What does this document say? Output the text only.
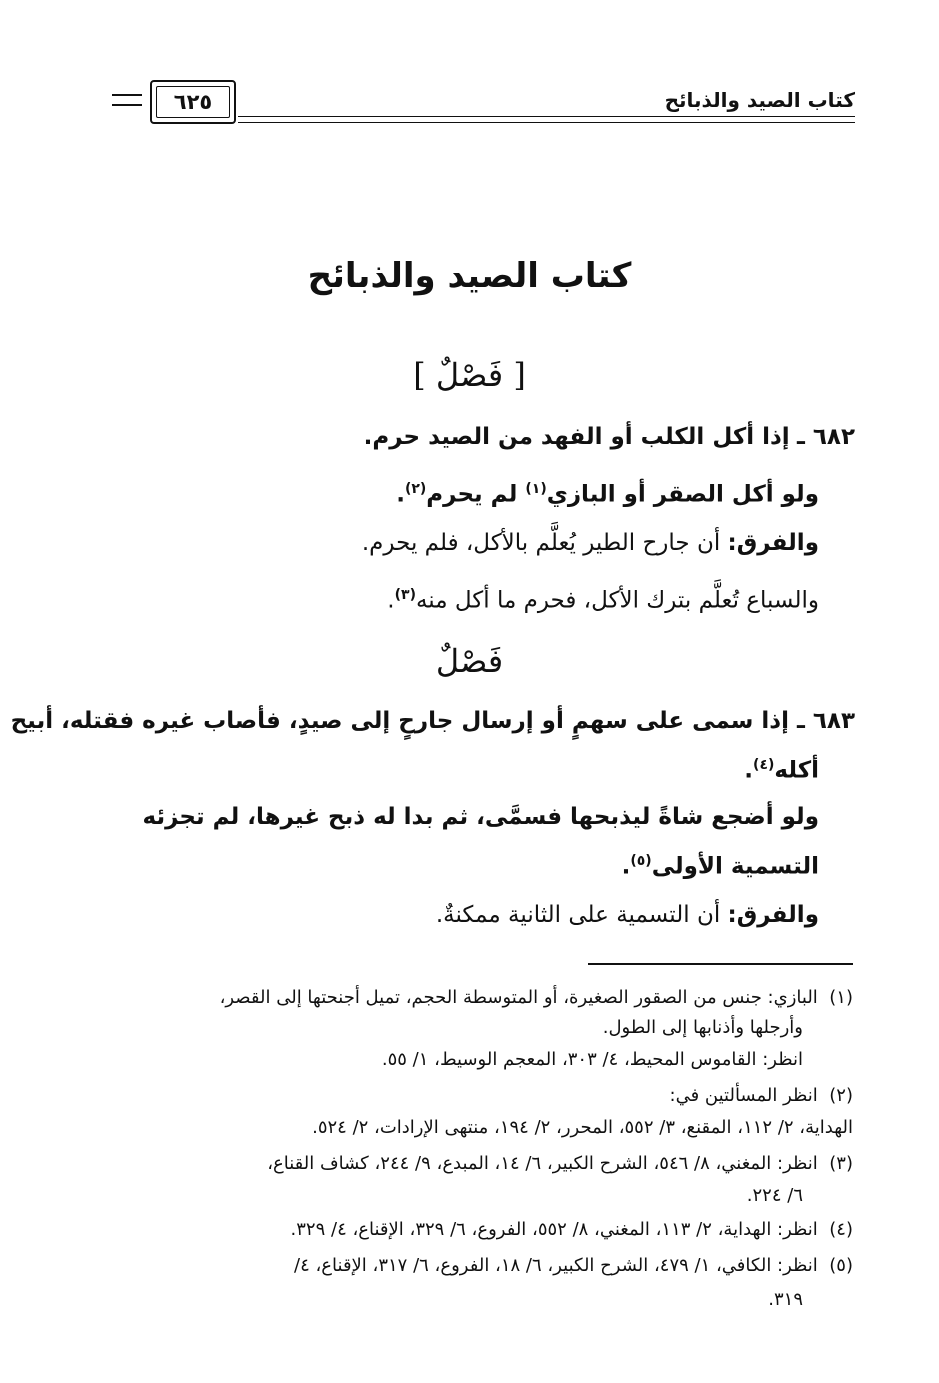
كتاب الصيد والذبائح
٦٢٥
كتاب الصيد والذبائح
[ فَصْلٌ ]
٦٨٢ ـ إذا أكل الكلب أو الفهد من الصيد حرم.
ولو أكل الصقر أو البازي$^{(١)}$ لم يحرم$^{(٢)}$.
والفرق: أن جارح الطير يُعلَّم بالأكل، فلم يحرم.
والسباع تُعلَّم بترك الأكل، فحرم ما أكل منه$^{(٣)}$.
فَصْلٌ
٦٨٣ ـ إذا سمى على سهمٍ أو إرسال جارحٍ إلى صيدٍ، فأصاب غيره فقتله، أبيح
أكله$^{(٤)}$.
ولو أضجع شاةً ليذبحها فسمَّى، ثم بدا له ذبح غيرها، لم تجزئه
التسمية الأولى$^{(٥)}$.
والفرق: أن التسمية على الثانية ممكنةٌ.
(١)  البازي: جنس من الصقور الصغيرة، أو المتوسطة الحجم، تميل أجنحتها إلى القصر،
وأرجلها وأذنابها إلى الطول.
انظر: القاموس المحيط، ٤/ ٣٠٣، المعجم الوسيط، ١/ ٥٥.
(٢)  انظر المسألتين في:
الهداية، ٢/ ١١٢، المقنع، ٣/ ٥٥٢، المحرر، ٢/ ١٩٤، منتهى الإرادات، ٢/ ٥٢٤.
(٣)  انظر: المغني، ٨/ ٥٤٦، الشرح الكبير، ٦/ ١٤، المبدع، ٩/ ٢٤٤، كشاف القناع،
٦/ ٢٢٤.
(٤)  انظر: الهداية، ٢/ ١١٣، المغني، ٨/ ٥٥٢، الفروع، ٦/ ٣٢٩، الإقناع، ٤/ ٣٢٩.
(٥)  انظر: الكافي، ١/ ٤٧٩، الشرح الكبير، ٦/ ١٨، الفروع، ٦/ ٣١٧، الإقناع، ٤/
٣١٩.
